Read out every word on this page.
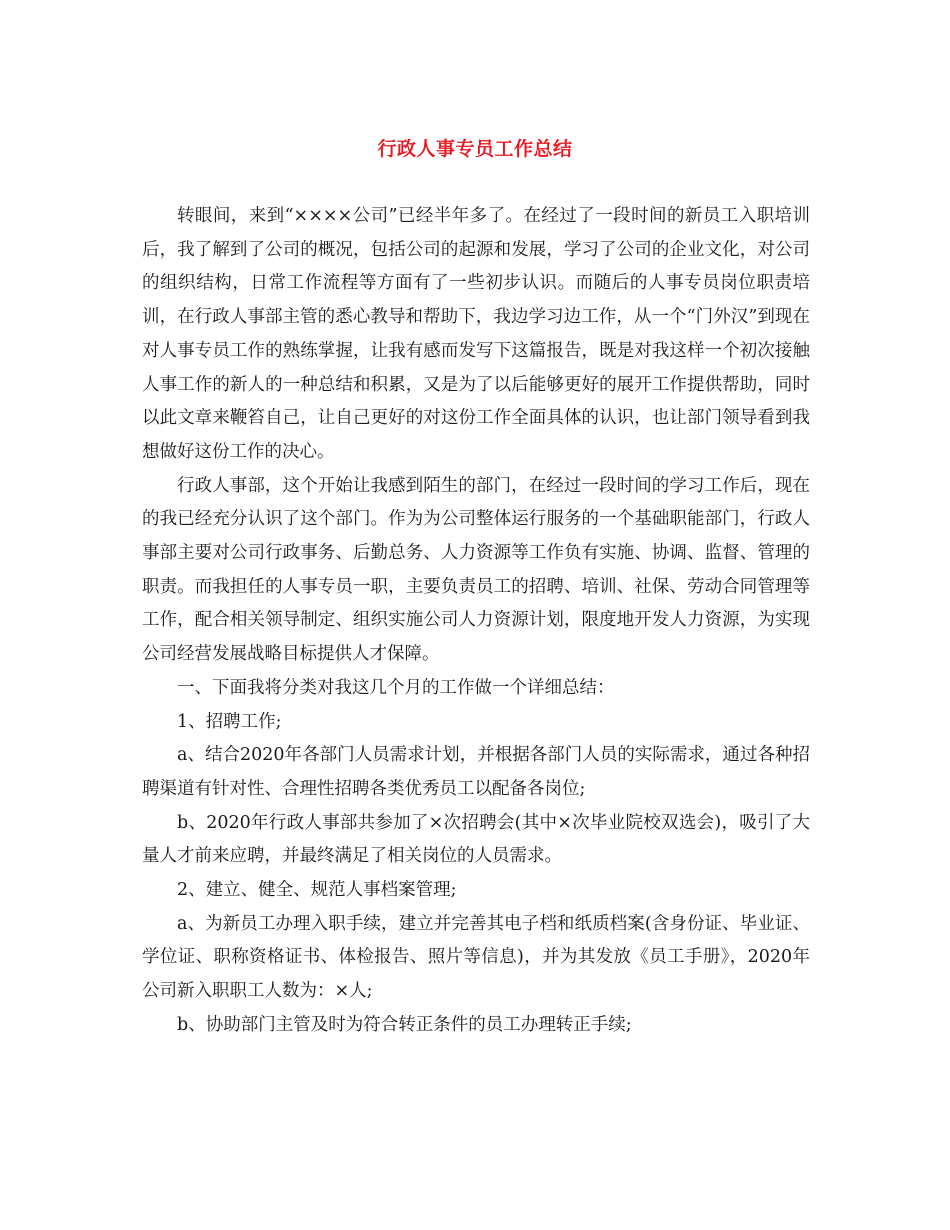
行政人事专员工作总结

转眼间，来到“××××公司”已经半年多了。在经过了一段时间的新员工入职培训后，我了解到了公司的概况，包括公司的起源和发展，学习了公司的企业文化，对公司的组织结构，日常工作流程等方面有了一些初步认识。而随后的人事专员岗位职责培训，在行政人事部主管的悉心教导和帮助下，我边学习边工作，从一个“门外汉”到现在对人事专员工作的熟练掌握，让我有感而发写下这篇报告，既是对我这样一个初次接触人事工作的新人的一种总结和积累，又是为了以后能够更好的展开工作提供帮助，同时以此文章来鞭笞自己，让自己更好的对这份工作全面具体的认识，也让部门领导看到我想做好这份工作的决心。

行政人事部，这个开始让我感到陌生的部门，在经过一段时间的学习工作后，现在的我已经充分认识了这个部门。作为为公司整体运行服务的一个基础职能部门，行政人事部主要对公司行政事务、后勤总务、人力资源等工作负有实施、协调、监督、管理的职责。而我担任的人事专员一职，主要负责员工的招聘、培训、社保、劳动合同管理等工作，配合相关领导制定、组织实施公司人力资源计划，限度地开发人力资源，为实现公司经营发展战略目标提供人才保障。

一、下面我将分类对我这几个月的工作做一个详细总结：

1、招聘工作;

a、结合2020年各部门人员需求计划，并根据各部门人员的实际需求，通过各种招聘渠道有针对性、合理性招聘各类优秀员工以配备各岗位;

b、2020年行政人事部共参加了×次招聘会(其中×次毕业院校双选会)，吸引了大量人才前来应聘，并最终满足了相关岗位的人员需求。

2、建立、健全、规范人事档案管理;

a、为新员工办理入职手续，建立并完善其电子档和纸质档案(含身份证、毕业证、学位证、职称资格证书、体检报告、照片等信息)，并为其发放《员工手册》，2020年公司新入职职工人数为：×人;

b、协助部门主管及时为符合转正条件的员工办理转正手续;
